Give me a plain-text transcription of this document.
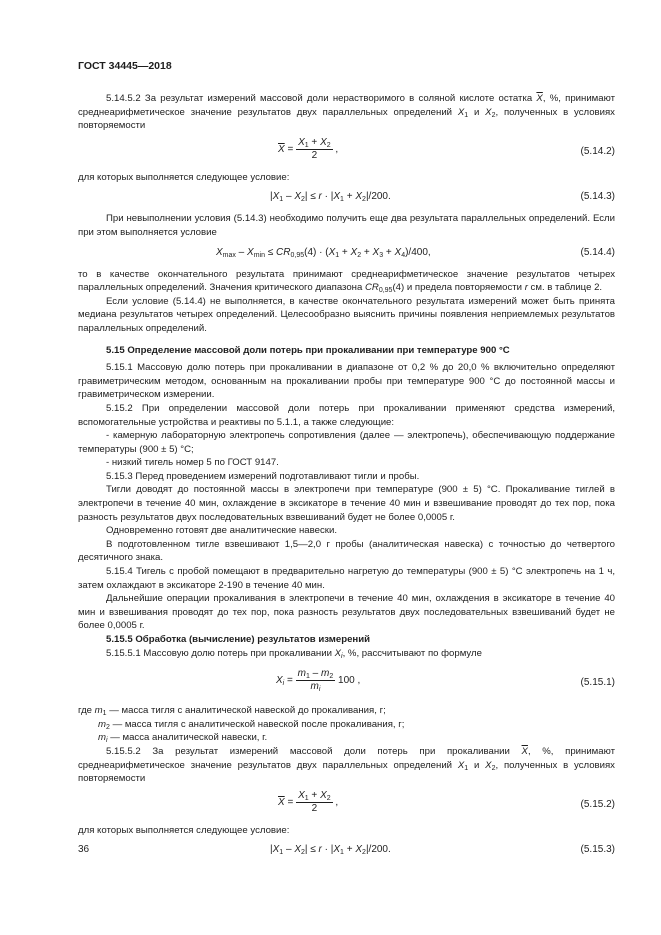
ГОСТ 34445—2018

5.14.5.2 За результат измерений массовой доли нерастворимого в соляной кислоте остатка $\overline{X}$, %, принимают среднеарифметическое значение результатов двух параллельных определений $X_1$ и $X_2$, полученных в условиях повторяемости

$\overline{X} = \frac{X_1 + X_2}{2}$ ,	(5.14.2)

для которых выполняется следующее условие:

$|X_1 - X_2| \le r \cdot |X_1 + X_2|/200$.	(5.14.3)

При невыполнении условия (5.14.3) необходимо получить еще два результата параллельных определений. Если при этом выполняется условие

$X_{max} - X_{min} \le CR_{0,95}(4) \cdot (X_1 + X_2 + X_3 + X_4)/400$,	(5.14.4)

то в качестве окончательного результата принимают среднеарифметическое значение результатов четырех параллельных определений. Значения критического диапазона $CR_{0,95}(4)$ и предела повторяемости r см. в таблице 2.

Если условие (5.14.4) не выполняется, в качестве окончательного результата измерений может быть принята медиана результатов четырех определений. Целесообразно выяснить причины появления неприемлемых результатов параллельных определений.

5.15 Определение массовой доли потерь при прокаливании при температуре 900 °С

5.15.1 Массовую долю потерь при прокаливании в диапазоне от 0,2 % до 20,0 % включительно определяют гравиметрическим методом, основанным на прокаливании пробы при температуре 900 °С до постоянной массы и гравиметрическом измерении.

5.15.2 При определении массовой доли потерь при прокаливании применяют средства измерений, вспомогательные устройства и реактивы по 5.1.1, а также следующие:

- камерную лабораторную электропечь сопротивления (далее — электропечь), обеспечивающую поддержание температуры (900 ± 5) °С;

- низкий тигель номер 5 по ГОСТ 9147.

5.15.3 Перед проведением измерений подготавливают тигли и пробы.

Тигли доводят до постоянной массы в электропечи при температуре (900 ± 5) °С. Прокаливание тиглей в электропечи в течение 40 мин, охлаждение в эксикаторе в течение 40 мин и взвешивание проводят до тех пор, пока разность результатов двух последовательных взвешиваний будет не более 0,0005 г.

Одновременно готовят две аналитические навески.

В подготовленном тигле взвешивают 1,5—2,0 г пробы (аналитическая навеска) с точностью до четвертого десятичного знака.

5.15.4 Тигель с пробой помещают в предварительно нагретую до температуры (900 ± 5) °С электропечь на 1 ч, затем охлаждают в эксикаторе 2-190 в течение 40 мин.

Дальнейшие операции прокаливания в электропечи в течение 40 мин, охлаждения в эксикаторе в течение 40 мин и взвешивания проводят до тех пор, пока разность результатов двух последовательных взвешиваний будет не более 0,0005 г.

5.15.5 Обработка (вычисление) результатов измерений

5.15.5.1 Массовую долю потерь при прокаливании $X_i$, %, рассчитывают по формуле

$X_i = \frac{m_1 - m_2}{m_i} 100$ ,	(5.15.1)

где $m_1$ — масса тигля с аналитической навеской до прокаливания, г;

$m_2$ — масса тигля с аналитической навеской после прокаливания, г;

$m_i$ — масса аналитической навески, г.

5.15.5.2 За результат измерений массовой доли потерь при прокаливании $\overline{X}$, %, принимают среднеарифметическое значение результатов двух параллельных определений $X_1$ и $X_2$, полученных в условиях повторяемости

$\overline{X} = \frac{X_1 + X_2}{2}$ ,	(5.15.2)

для которых выполняется следующее условие:

$|X_1 - X_2| \le r \cdot |X_1 + X_2|/200$.	(5.15.3)
36
